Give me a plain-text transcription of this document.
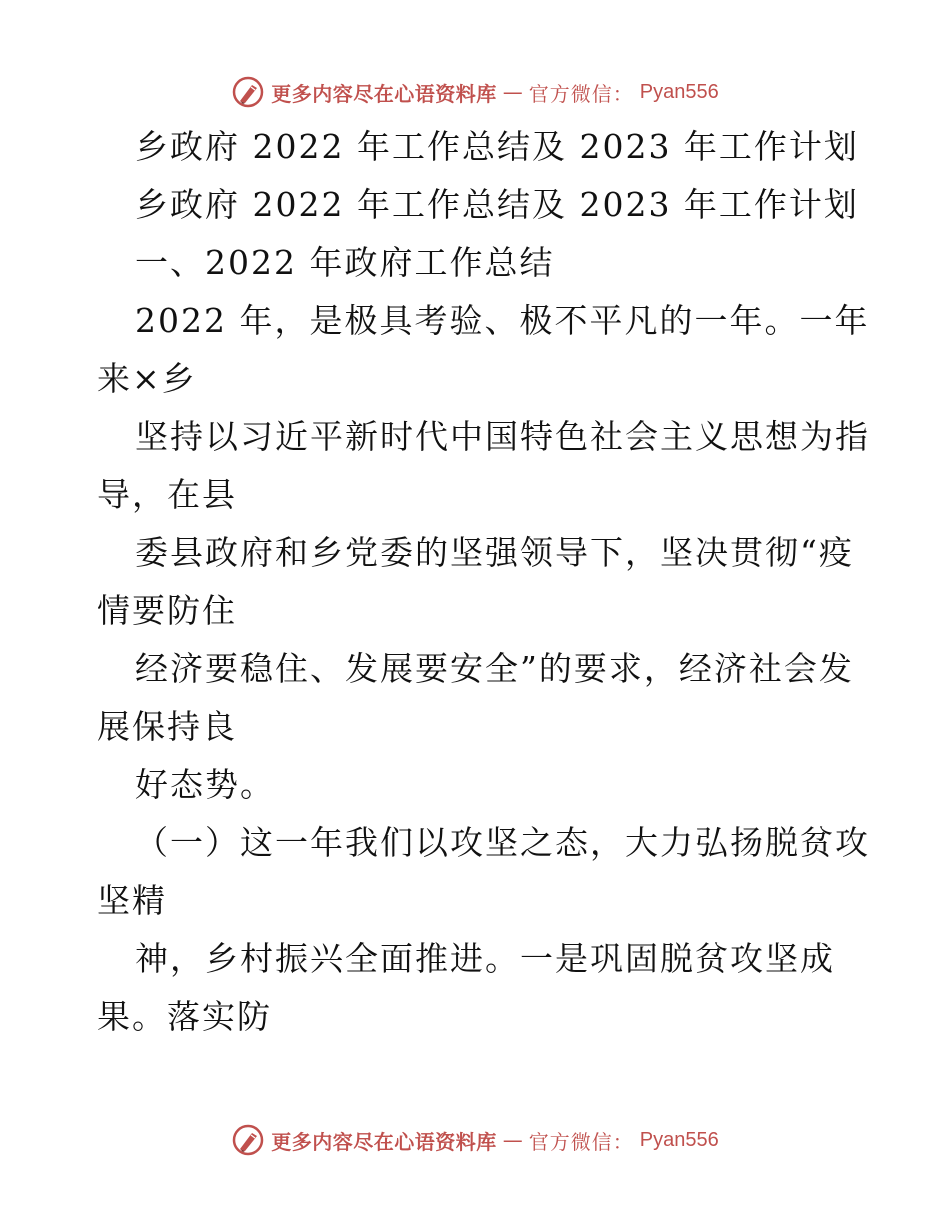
更多内容尽在心语资料库 — 官方微信： Pyan556
乡政府 2022 年工作总结及 2023 年工作计划
乡政府 2022 年工作总结及 2023 年工作计划
一、2022 年政府工作总结
2022 年，是极具考验、极不平凡的一年。一年
来×乡
坚持以习近平新时代中国特色社会主义思想为指
导，在县
委县政府和乡党委的坚强领导下，坚决贯彻“疫
情要防住
经济要稳住、发展要安全”的要求，经济社会发
展保持良
好态势。
（一）这一年我们以攻坚之态，大力弘扬脱贫攻
坚精
神，乡村振兴全面推进。一是巩固脱贫攻坚成
果。落实防
更多内容尽在心语资料库 — 官方微信： Pyan556
